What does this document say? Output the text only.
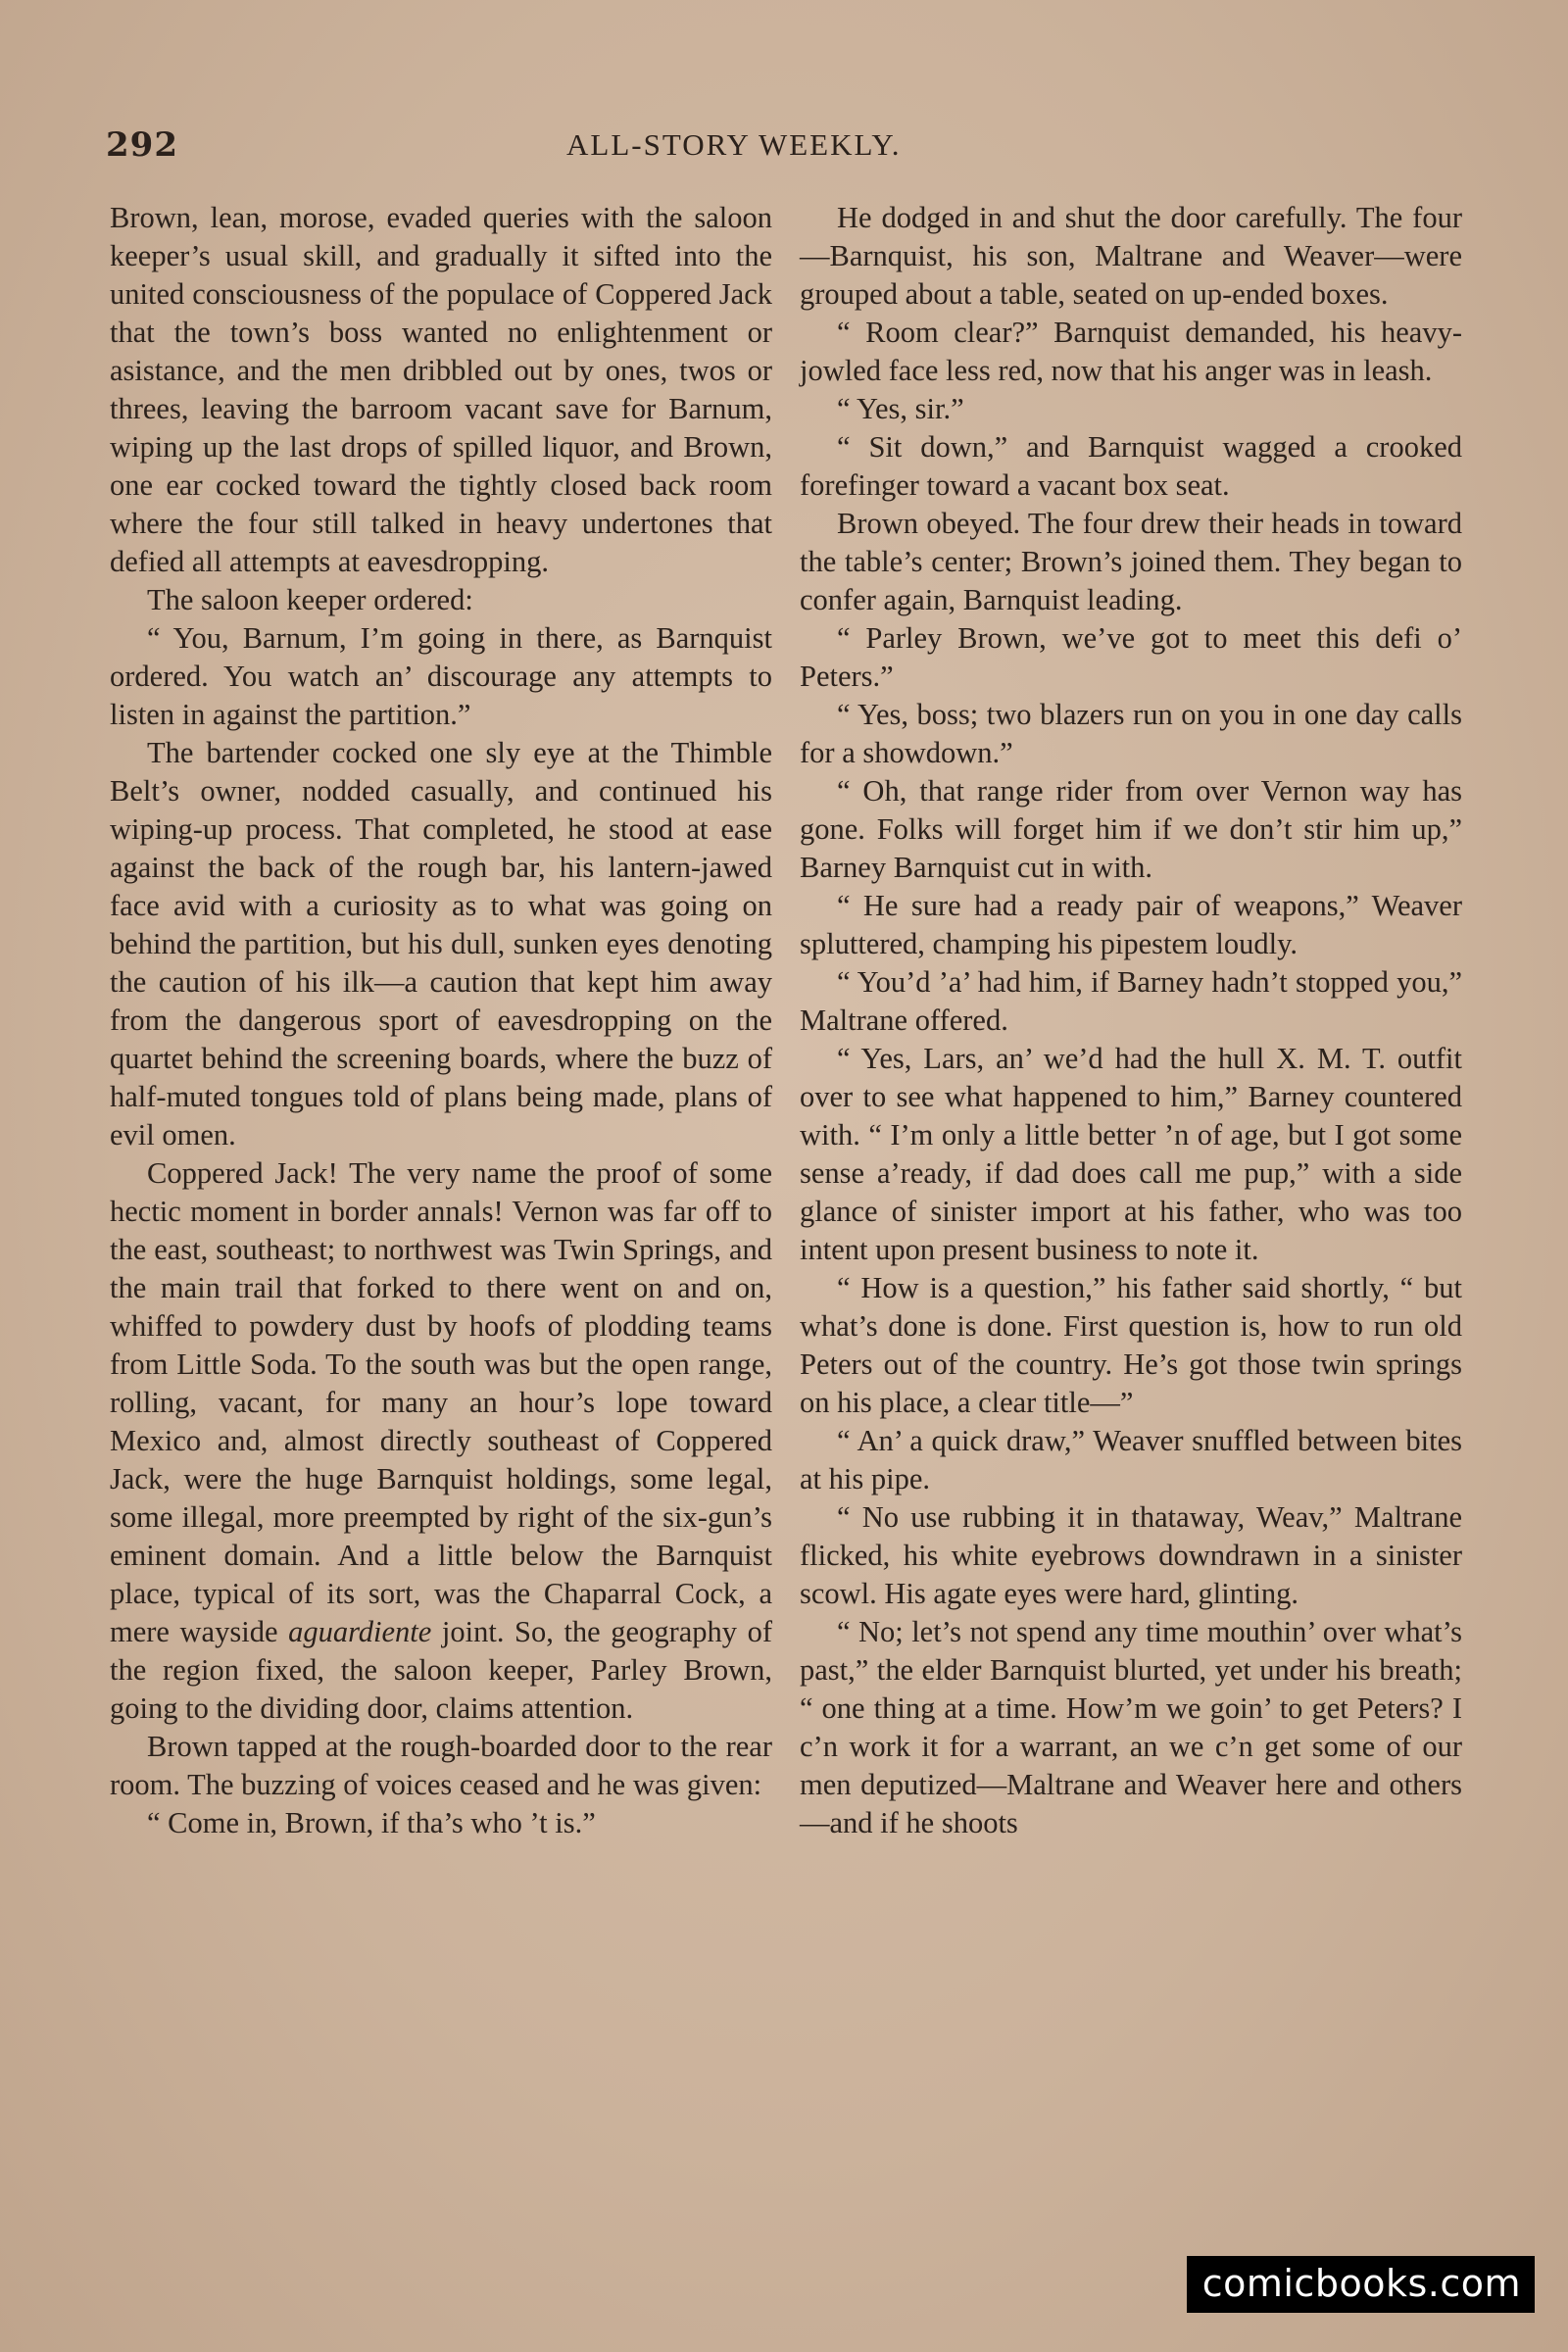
292	ALL-STORY WEEKLY.

Brown, lean, morose, evaded queries with the saloon keeper’s usual skill, and gradually it sifted into the united consciousness of the populace of Coppered Jack that the town’s boss wanted no enlightenment or asistance, and the men dribbled out by ones, twos or threes, leaving the barroom vacant save for Barnum, wiping up the last drops of spilled liquor, and Brown, one ear cocked toward the tightly closed back room where the four still talked in heavy undertones that defied all attempts at eavesdropping.

The saloon keeper ordered:

“ You, Barnum, I’m going in there, as Barnquist ordered. You watch an’ discourage any attempts to listen in against the partition.”

The bartender cocked one sly eye at the Thimble Belt’s owner, nodded casually, and continued his wiping-up process. That completed, he stood at ease against the back of the rough bar, his lantern-jawed face avid with a curiosity as to what was going on behind the partition, but his dull, sunken eyes denoting the caution of his ilk—a caution that kept him away from the dangerous sport of eavesdropping on the quartet behind the screening boards, where the buzz of half-muted tongues told of plans being made, plans of evil omen.

Coppered Jack! The very name the proof of some hectic moment in border annals! Vernon was far off to the east, southeast; to northwest was Twin Springs, and the main trail that forked to there went on and on, whiffed to powdery dust by hoofs of plodding teams from Little Soda. To the south was but the open range, rolling, vacant, for many an hour’s lope toward Mexico and, almost directly southeast of Coppered Jack, were the huge Barnquist holdings, some legal, some illegal, more preempted by right of the six-gun’s eminent domain. And a little below the Barnquist place, typical of its sort, was the Chaparral Cock, a mere wayside aguardiente joint. So, the geography of the region fixed, the saloon keeper, Parley Brown, going to the dividing door, claims attention.

Brown tapped at the rough-boarded door to the rear room. The buzzing of voices ceased and he was given:

“ Come in, Brown, if tha’s who ’t is.”

He dodged in and shut the door carefully. The four—Barnquist, his son, Maltrane and Weaver—were grouped about a table, seated on up-ended boxes.

“ Room clear?” Barnquist demanded, his heavy-jowled face less red, now that his anger was in leash.

“ Yes, sir.”

“ Sit down,” and Barnquist wagged a crooked forefinger toward a vacant box seat.

Brown obeyed. The four drew their heads in toward the table’s center; Brown’s joined them. They began to confer again, Barnquist leading.

“ Parley Brown, we’ve got to meet this defi o’ Peters.”

“ Yes, boss; two blazers run on you in one day calls for a showdown.”

“ Oh, that range rider from over Vernon way has gone. Folks will forget him if we don’t stir him up,” Barney Barnquist cut in with.

“ He sure had a ready pair of weapons,” Weaver spluttered, champing his pipestem loudly.

“ You’d ’a’ had him, if Barney hadn’t stopped you,” Maltrane offered.

“ Yes, Lars, an’ we’d had the hull X. M. T. outfit over to see what happened to him,” Barney countered with. “ I’m only a little better ’n of age, but I got some sense a’ready, if dad does call me pup,” with a side glance of sinister import at his father, who was too intent upon present business to note it.

“ How is a question,” his father said shortly, “ but what’s done is done. First question is, how to run old Peters out of the country. He’s got those twin springs on his place, a clear title—”

“ An’ a quick draw,” Weaver snuffled between bites at his pipe.

“ No use rubbing it in thataway, Weav,” Maltrane flicked, his white eyebrows downdrawn in a sinister scowl. His agate eyes were hard, glinting.

“ No; let’s not spend any time mouthin’ over what’s past,” the elder Barnquist blurted, yet under his breath; “ one thing at a time. How’m we goin’ to get Peters? I c’n work it for a warrant, an we c’n get some of our men deputized—Maltrane and Weaver here and others—and if he shoots

comicbooks.com
